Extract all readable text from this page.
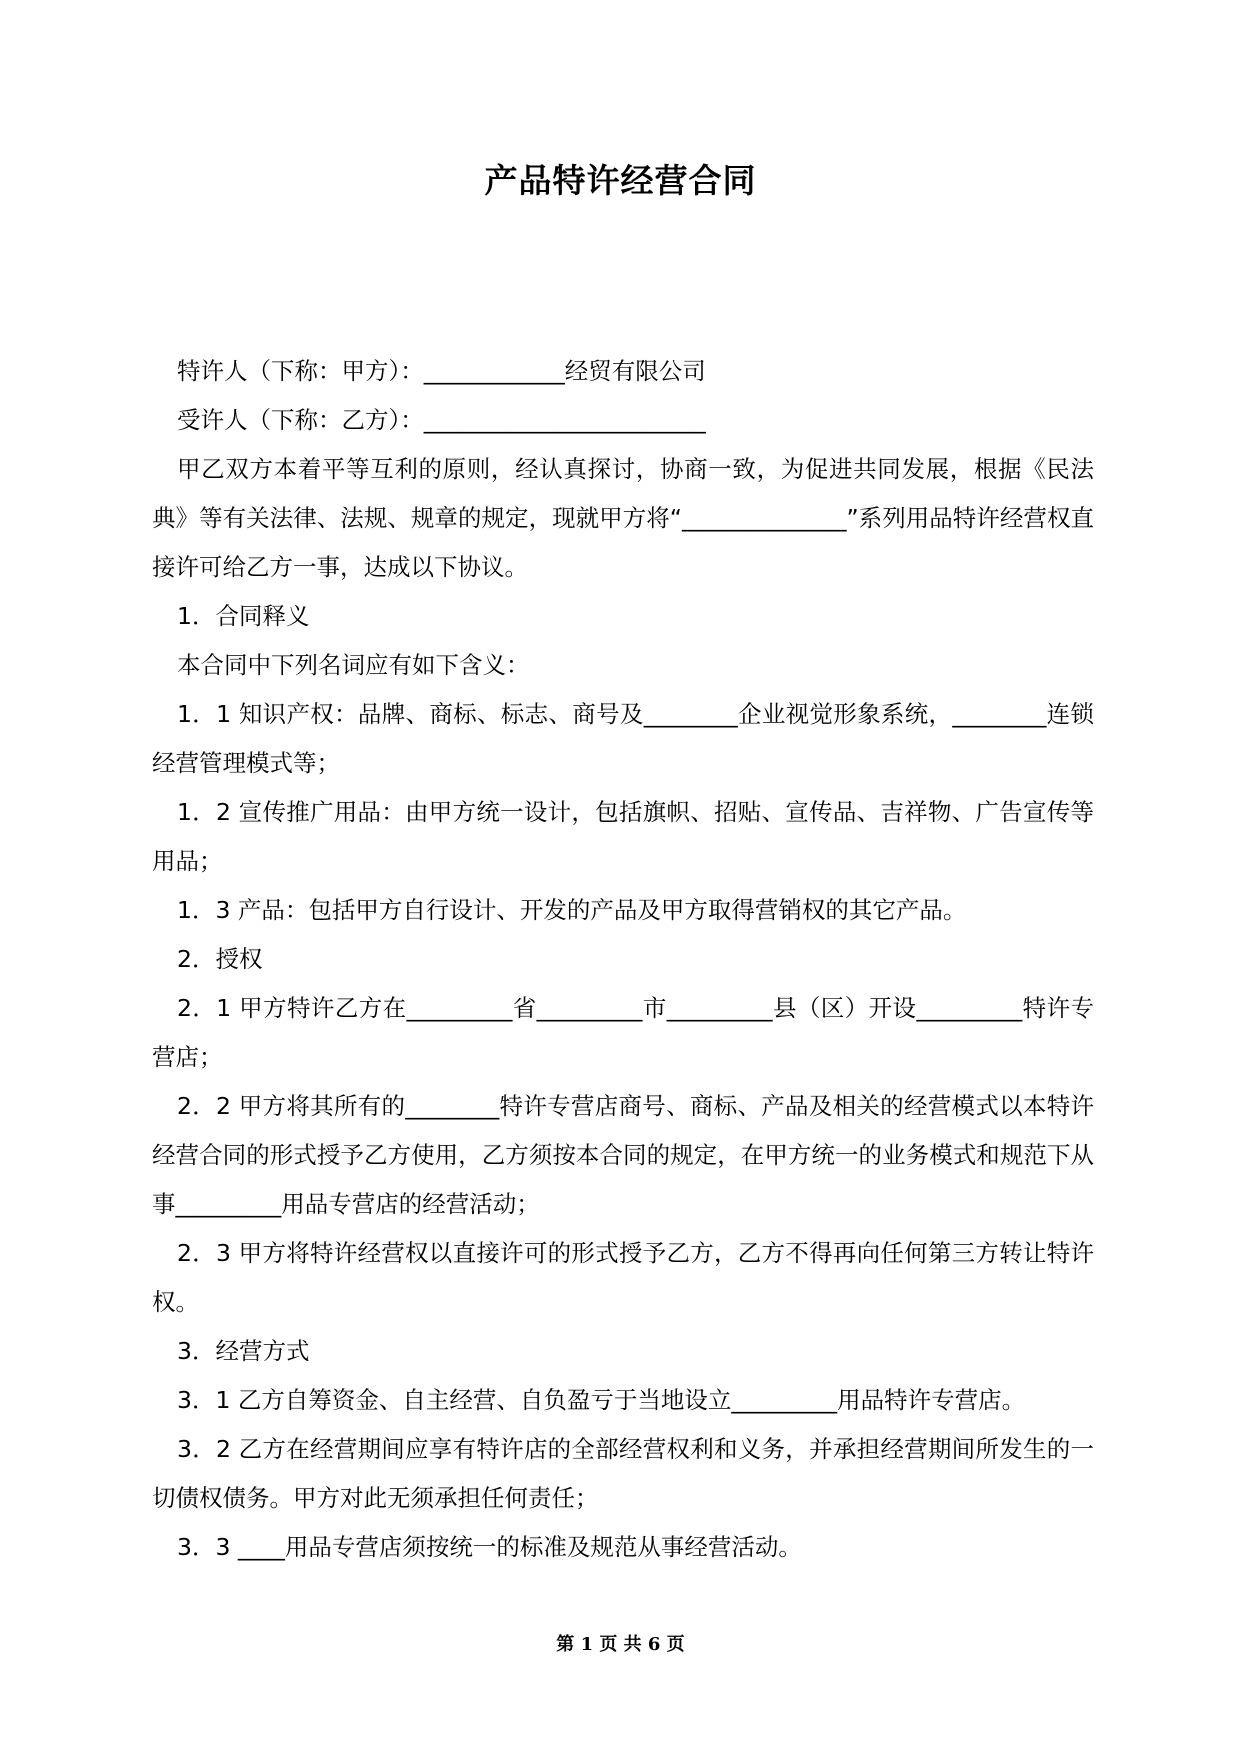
产品特许经营合同

特许人（下称：甲方）：____________经贸有限公司

受许人（下称：乙方）：________________________

甲乙双方本着平等互利的原则，经认真探讨，协商一致，为促进共同发展，根据《民法典》等有关法律、法规、规章的规定，现就甲方将“______________”系列用品特许经营权直接许可给乙方一事，达成以下协议。

1．合同释义

本合同中下列名词应有如下含义：

1．1 知识产权：品牌、商标、标志、商号及________企业视觉形象系统，________连锁经营管理模式等；

1．2 宣传推广用品：由甲方统一设计，包括旗帜、招贴、宣传品、吉祥物、广告宣传等用品；

1．3 产品：包括甲方自行设计、开发的产品及甲方取得营销权的其它产品。

2．授权

2．1 甲方特许乙方在_________省_________市_________县（区）开设_________特许专营店；

2．2 甲方将其所有的________特许专营店商号、商标、产品及相关的经营模式以本特许经营合同的形式授予乙方使用，乙方须按本合同的规定，在甲方统一的业务模式和规范下从事_________用品专营店的经营活动；

2．3 甲方将特许经营权以直接许可的形式授予乙方，乙方不得再向任何第三方转让特许权。

3．经营方式

3．1 乙方自筹资金、自主经营、自负盈亏于当地设立_________用品特许专营店。

3．2 乙方在经营期间应享有特许店的全部经营权利和义务，并承担经营期间所发生的一切债权债务。甲方对此无须承担任何责任；

3．3 ____用品专营店须按统一的标准及规范从事经营活动。

第 1 页 共 6 页
